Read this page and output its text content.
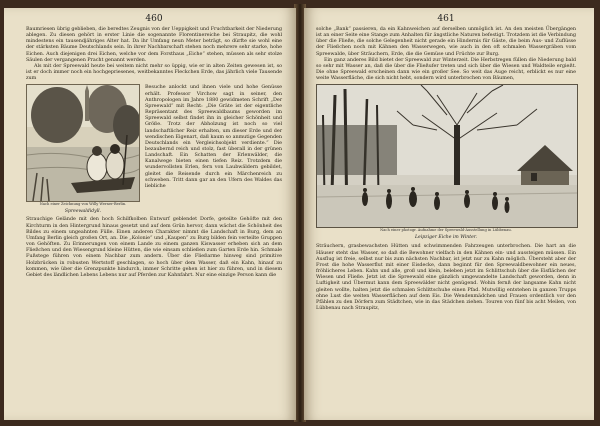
460

Baumriesen übrig geblieben, die beredtes Zeugnis von der Ueppigkeit und Fruchtbarkeit der Niederung ablegen. Zu diesen gehört in erster Linie die sogenannte Florentinereiche bei Straupitz, die wohl mindestens ein tausendjähriges Alter hat. Da ihr Umfang neun Meter beträgt, so dürfte sie wohl eine der stärksten Bäume Deutschlands sein. In ihrer Nachbarschaft stehen noch mehrere sehr starke, hohe Eichen. Auch diejenigen drei Eichen, welche vor dem Forsthaus „Eiche“ stehen, müssen als sehr stolze Säulen der vergangenen Pracht genannt werden.

Als mit der Spreewald heute bei weitem nicht mehr so üppig, wie er in alten Zeiten gewesen ist, so ist er doch immer noch ein hochgepriesenes, weitbekanntes Fleckchen Erde, das jährlich viele Tausende zum

Nach einer Zeichnung von Willy Werner-Berlin.
Spreewaldidyll.

Besuche anlockt und ihnen viele und hohe Genüsse erhält. Professor Virchow sagt in seiner, den Anthropologen im Jahre 1880 gewidmeten Schrift „Der Spreewald“ mit Recht: „Die Gräte ist der eigentliche Repräsentant des Spreewaldbaums geworden im Spreewald selbst findet ihn in gleicher Schönheit und Größe. Trotz der Abholzung ist noch so viel landschaftlicher Reiz erhalten, um dieser Erde und der wendischen Eigenart, daß kaum so anmutige Gegenden Deutschlands ein Vergleichsobjekt verdiente.“ Die bezaubernd reich und stolz, fast überall in der grünen Landschaft. Ein Schatten der Erlenwälder, die Kanalwege bieten einen tiefen Reiz. Trotzdem die wundervollsten Erlen, fern von Laubwäldern gebildet, gleitet die Reisende durch ein Märchenreich zu schweben. Tritt dann gar an den Ufern des Waldes das liebliche

Strauchige Gelände mit den hoch Schilfkolben Entwurf geblendet Dorfe, geteilte Gehöfte mit den Kirchturm in den Hintergrund hinaus gesetzt und auf dem Grün hervor, dann wächst die Schönheit des Bildes zu einem ungeahnten Fülle. Einen anderen Charakter nimmt die Landschaft in Burg, dem an Umfang Berlin gleich großen Ort, an. Die „Kolonie“ und „Kaupen“ zu Burg bilden fein verteilte Gruppen von Gehöften. Zu Erinnerungen von einem Lande zu einem ganzen Kiswasser erheben sich an dem Fließchen und den Wiesengrund kleine Hütten, die wie einsam schließen zum Garten Erde hin. Schmale Fußstege führen von einem Nachbar zum andern. Über die Fließarme hinweg sind primitive Holzbrücken in robusten Wertstoff geschlagen, so hoch über dem Wasser, daß ein Kahn, hinauf zu kommen, wie über die Grenzpunkte hindurch, immer Schritte gehen ist hier zu führen, und in diesem Gebiet des ländlichen Lebens Lebens nur auf Pferden zur Kahnfahrt. Nur eine einzige Person kann die

461

solche „Bank“ passieren, da ein Kahnweichen auf derselben unmöglich ist. An den meisten Übergängen ist an einer Seite eine Stange zum Anhalten für ängstliche Naturen befestigt. Trotzdem ist die Verbindung über die Fließe, die solche Gelegenheit nicht gerade ein Hindernis für Gäste, die beim Aus- und Zuflüsse der Fließchen noch mit Kähnen den Wasserwegen, wie auch in den oft schmalen Wassergräben vom Spreewalde, über Sträuchern, Erde, die die Gemüse und Früchte zur Burg.

Ein ganz anderes Bild bietet der Spreewald zur Winterzeit. Die Herbstregen füllen die Niederung bald so sehr mit Wasser an, daß die über die Fließufer treten und sich über die Wiesen und Waldteile ergießt. Die ohne Spreewald erscheinen dann wie ein großer See. So weit das Auge reicht, erblickt es nur eine weite Wasserfläche, die sich nicht hebt, sondern wird unterbrochen von Bäumen,

Nach einer photogr. Aufnahme der Spreewald-Ausstellung in Lübbenau.
Leipziger Eiche im Winter.

Sträuchern, grasbewachsten Hütten und schwimmenden Fahrzeugen unterbrochen. Die hart an die Häuser steht das Wasser, so daß die Bewohner vielfach in den Kähnen ein- und aussteigen müssen. Ein Ausflug ist freie, selbst nur bis zum nächsten Nachbar, ist jetzt nur zu Kahn möglich. Übersteht aber der Frost die hohe Wasserflut mit einer Eisdecke, dann beginnt für den Spreewaldbewohner ein neues, fröhlicheres Leben. Kahn und alle, groß und klein, beleben jetzt im Schlittschuh über die Eisflächen der Wiesen und Fließe. Jetzt ist die Spreewald eine gänzlich umgewandelte Landschaft geworden, denn in Luftigkeit und Übermut kann dem Spreewälder nicht genügend. Wohin fernß der langsame Kahn nicht gleiten wollte, halten jetzt die schmalen Schlittschuhe einen Pfad. Mutwillig entstehen in ganzen Trupps ohne Lust die weiten Wasserflächen auf dem Eis. Die Wendenmädchen und Frauen ordentlich vor den Pfählen zu den Dörfern zum Städtchen, wie in das Städchen ziehen. Touren von fünf bis acht Meilen, von Lübbenau nach Straupitz,
